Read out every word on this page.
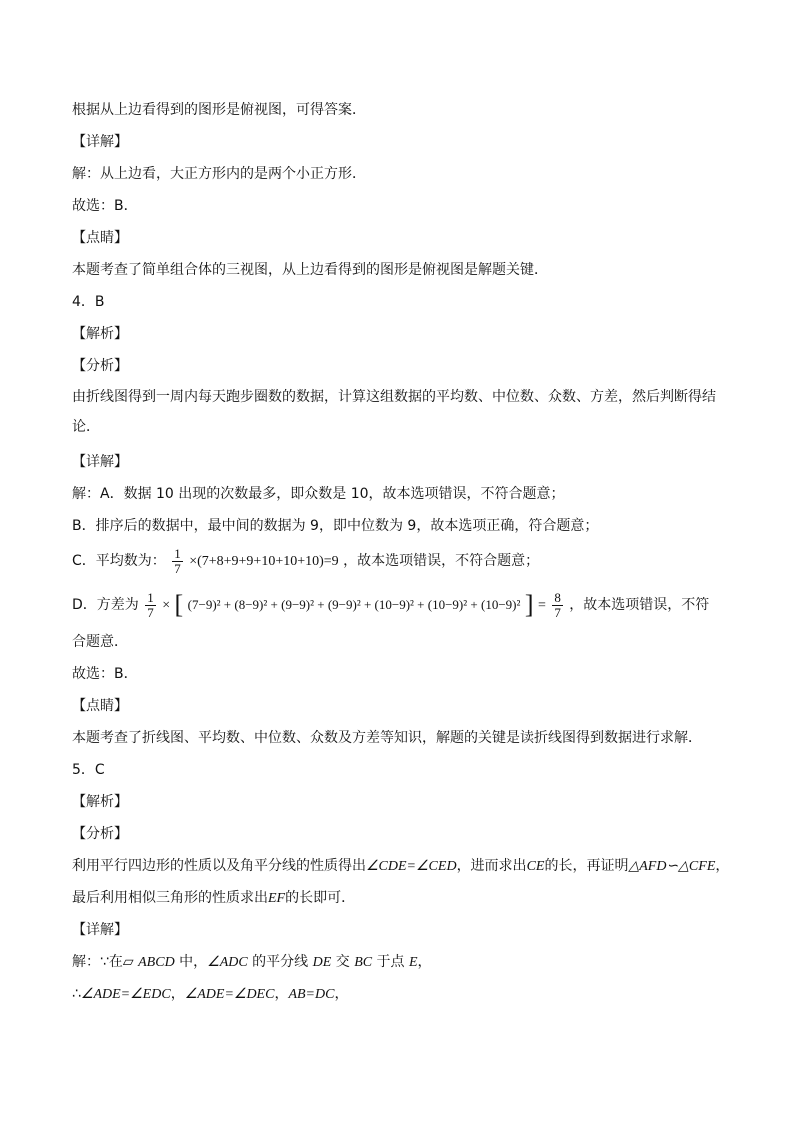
根据从上边看得到的图形是俯视图，可得答案．
【详解】
解：从上边看，大正方形内的是两个小正方形．
故选：B．
【点睛】
本题考查了简单组合体的三视图，从上边看得到的图形是俯视图是解题关键．
4．B
【解析】
【分析】
由折线图得到一周内每天跑步圈数的数据，计算这组数据的平均数、中位数、众数、方差，然后判断得结论．
【详解】
解：A．数据 10 出现的次数最多，即众数是 10，故本选项错误，不符合题意；
B．排序后的数据中，最中间的数据为 9，即中位数为 9，故本选项正确，符合题意；
C．平均数为： $\frac{1}{7} \times(7+8+9+9+10+10+10)=9$ ，故本选项错误，不符合题意；
D．方差为 $\frac{1}{7}$ × [ (7−9)² + (8−9)² + (9−9)² + (9−9)² + (10−9)² + (10−9)² + (10−9)² ] = $\frac{8}{7}$ ，故本选项错误，不符
合题意．
故选：B．
【点睛】
本题考查了折线图、平均数、中位数、众数及方差等知识，解题的关键是读折线图得到数据进行求解．
5．C
【解析】
【分析】
利用平行四边形的性质以及角平分线的性质得出∠CDE=∠CED，进而求出CE的长，再证明△AFD∽△CFE，
最后利用相似三角形的性质求出EF的长即可．
【详解】
解：∵在▱ ABCD 中，∠ADC 的平分线 DE 交 BC 于点 E，
∴∠ADE=∠EDC，∠ADE=∠DEC，AB=DC，
